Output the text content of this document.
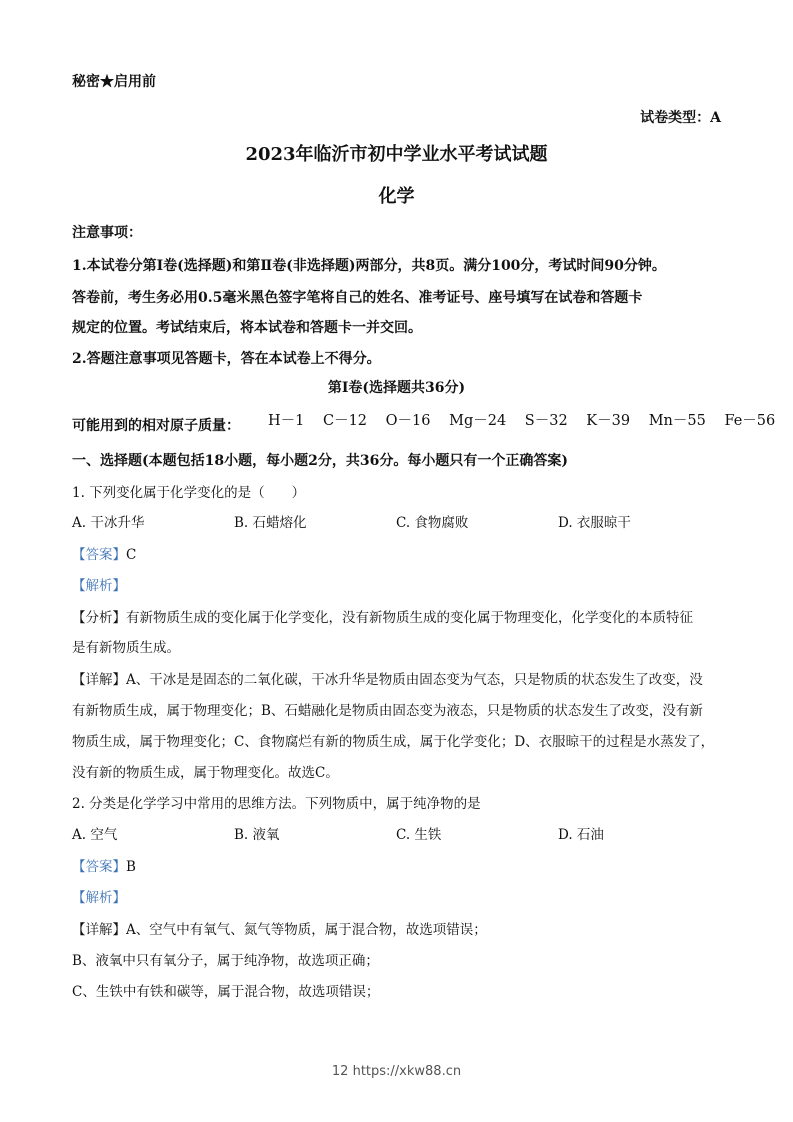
秘密★启用前
试卷类型：A
2023年临沂市初中学业水平考试试题
化学
注意事项：
1.本试卷分第Ⅰ卷(选择题)和第Ⅱ卷(非选择题)两部分，共8页。满分100分，考试时间90分钟。
答卷前，考生务必用0.5毫米黑色签字笔将自己的姓名、准考证号、座号填写在试卷和答题卡
规定的位置。考试结束后，将本试卷和答题卡一并交回。
2.答题注意事项见答题卡，答在本试卷上不得分。
第Ⅰ卷(选择题共36分)
可能用到的相对原子质量： H－1 C－12 O－16 Mg－24 S－32 K－39 Mn－55 Fe－56
一、选择题(本题包括18小题，每小题2分，共36分。每小题只有一个正确答案)
1. 下列变化属于化学变化的是（　　）
A. 干冰升华	B. 石蜡熔化	C. 食物腐败	D. 衣服晾干
【答案】C
【解析】
【分析】有新物质生成的变化属于化学变化，没有新物质生成的变化属于物理变化，化学变化的本质特征
是有新物质生成。
【详解】A、干冰是是固态的二氧化碳，干冰升华是物质由固态变为气态，只是物质的状态发生了改变，没
有新物质生成，属于物理变化；B、石蜡融化是物质由固态变为液态，只是物质的状态发生了改变，没有新
物质生成，属于物理变化；C、食物腐烂有新的物质生成，属于化学变化；D、衣服晾干的过程是水蒸发了，
没有新的物质生成，属于物理变化。故选C。
2. 分类是化学学习中常用的思维方法。下列物质中，属于纯净物的是
A. 空气	B. 液氧	C. 生铁	D. 石油
【答案】B
【解析】
【详解】A、空气中有氧气、氮气等物质，属于混合物，故选项错误；
B、液氧中只有氧分子，属于纯净物，故选项正确；
C、生铁中有铁和碳等，属于混合物，故选项错误；
12 https://xkw88.cn
